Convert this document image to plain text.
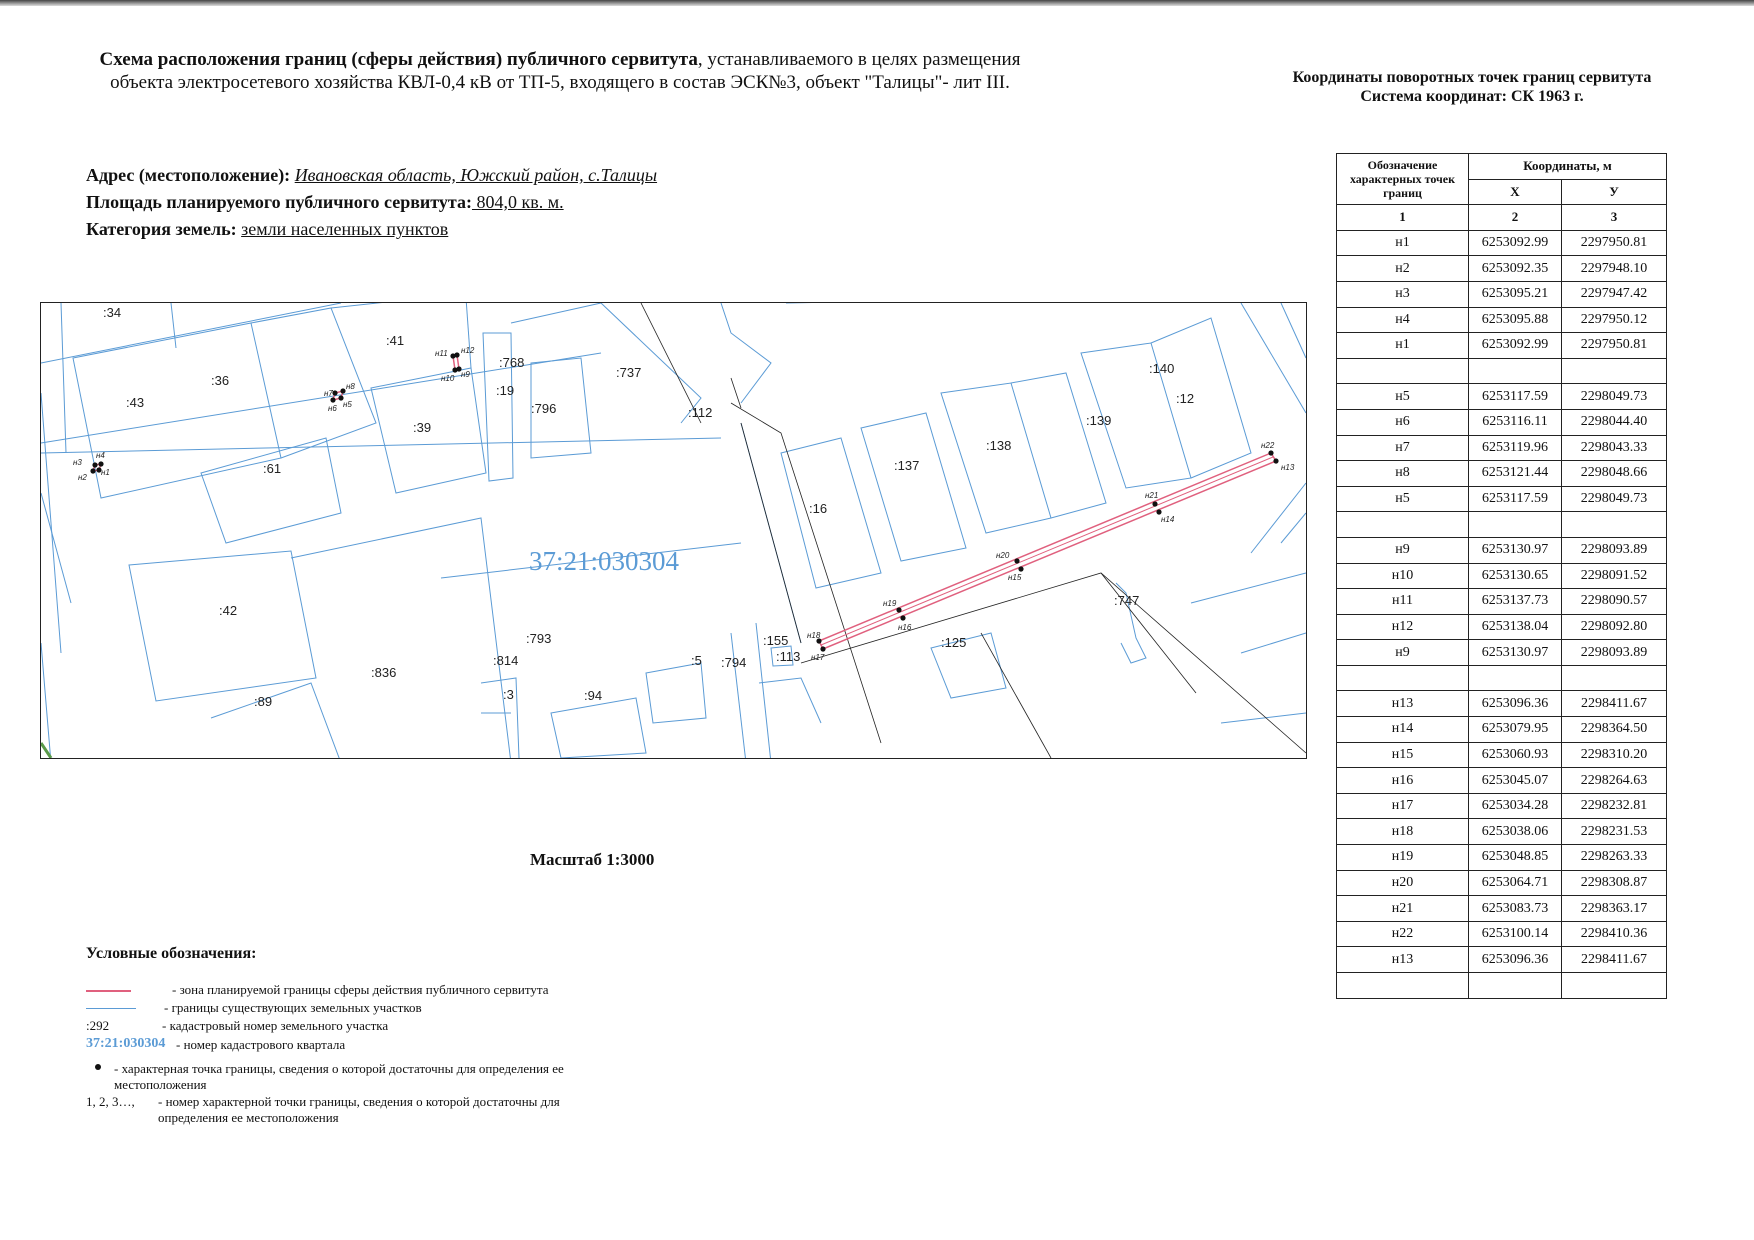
Схема расположения границ (сферы действия) публичного сервитута, устанавливаемого в целях размещения объекта электросетевого хозяйства КВЛ-0,4 кВ от ТП-5, входящего в состав ЭСК№3, объект "Талицы"- лит III.
Адрес (местоположение): Ивановская область, Южский район, с.Талицы
Площадь планируемого публичного сервитута: 804,0 кв. м.
Категория земель: земли населенных пунктов
Координаты поворотных точек границ сервитута
Система координат: СК 1963 г.
Обозначение характерных точек границ	Координаты, м	
	X	У
1	2	3
н1	6253092.99	2297950.81
н2	6253092.35	2297948.10
н3	6253095.21	2297947.42
н4	6253095.88	2297950.12
н1	6253092.99	2297950.81

н5	6253117.59	2298049.73
н6	6253116.11	2298044.40
н7	6253119.96	2298043.33
н8	6253121.44	2298048.66
н5	6253117.59	2298049.73

н9	6253130.97	2298093.89
н10	6253130.65	2298091.52
н11	6253137.73	2298090.57
н12	6253138.04	2298092.80
н9	6253130.97	2298093.89

н13	6253096.36	2298411.67
н14	6253079.95	2298364.50
н15	6253060.93	2298310.20
н16	6253045.07	2298264.63
н17	6253034.28	2298232.81
н18	6253038.06	2298231.53
н19	6253048.85	2298263.33
н20	6253064.71	2298308.87
н21	6253083.73	2298363.17
н22	6253100.14	2298410.36
н13	6253096.36	2298411.67

37:21:030304
:34
:36
:43
:41
:768
:19
:737
:796
:39
:61
:112
:16
:137
:138
:139
:12
:140
:42
:793	:155
:814
:3
:5 :794 :113
:94
:836
:89
:125
:747
н1
н2
н3
н4
н5
н6
н7
н8
н9
н10
н11 н12
н13
н14
н15
н16
н17
н18
н19
н20
н21
н22
Масштаб 1:3000
Условные обозначения:
- зона планируемой границы сферы действия публичного сервитута
- границы существующих земельных участков
:292	- кадастровый номер земельного участка
37:21:030304 - номер кадастрового квартала
- характерная точка границы, сведения о которой достаточны для определения ее местоположения
1, 2, 3…, - номер характерной точки границы, сведения о которой достаточны для определения ее местоположения
